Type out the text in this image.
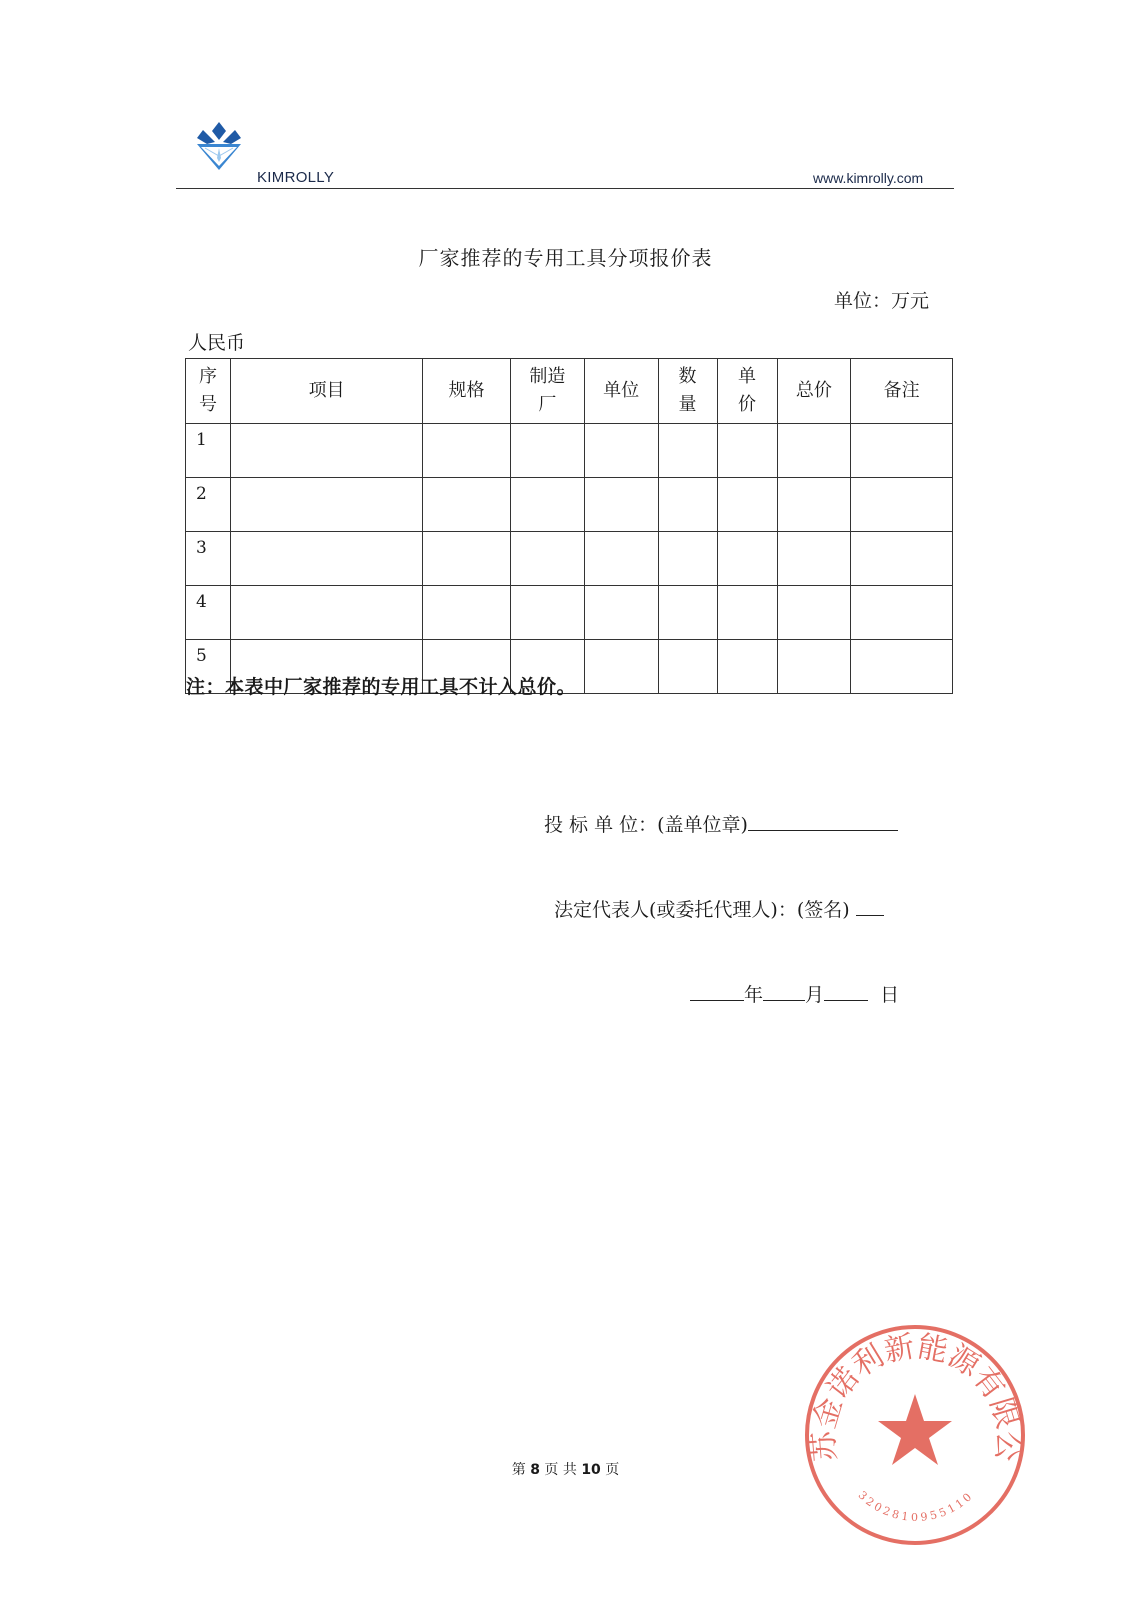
KIMROLLY	www.kimrolly.com
厂家推荐的专用工具分项报价表
单位：万元
人民币
序号	项目	规格	制造厂	单位	数量	单价	总价	备注
1								
2								
3								
4								
5								
注：本表中厂家推荐的专用工具不计入总价。
投 标 单 位：(盖单位章)
法定代表人(或委托代理人)：(签名)
年 月	日
第 8 页 共 10 页
苏金诺利新能源有限公
3202810955110
